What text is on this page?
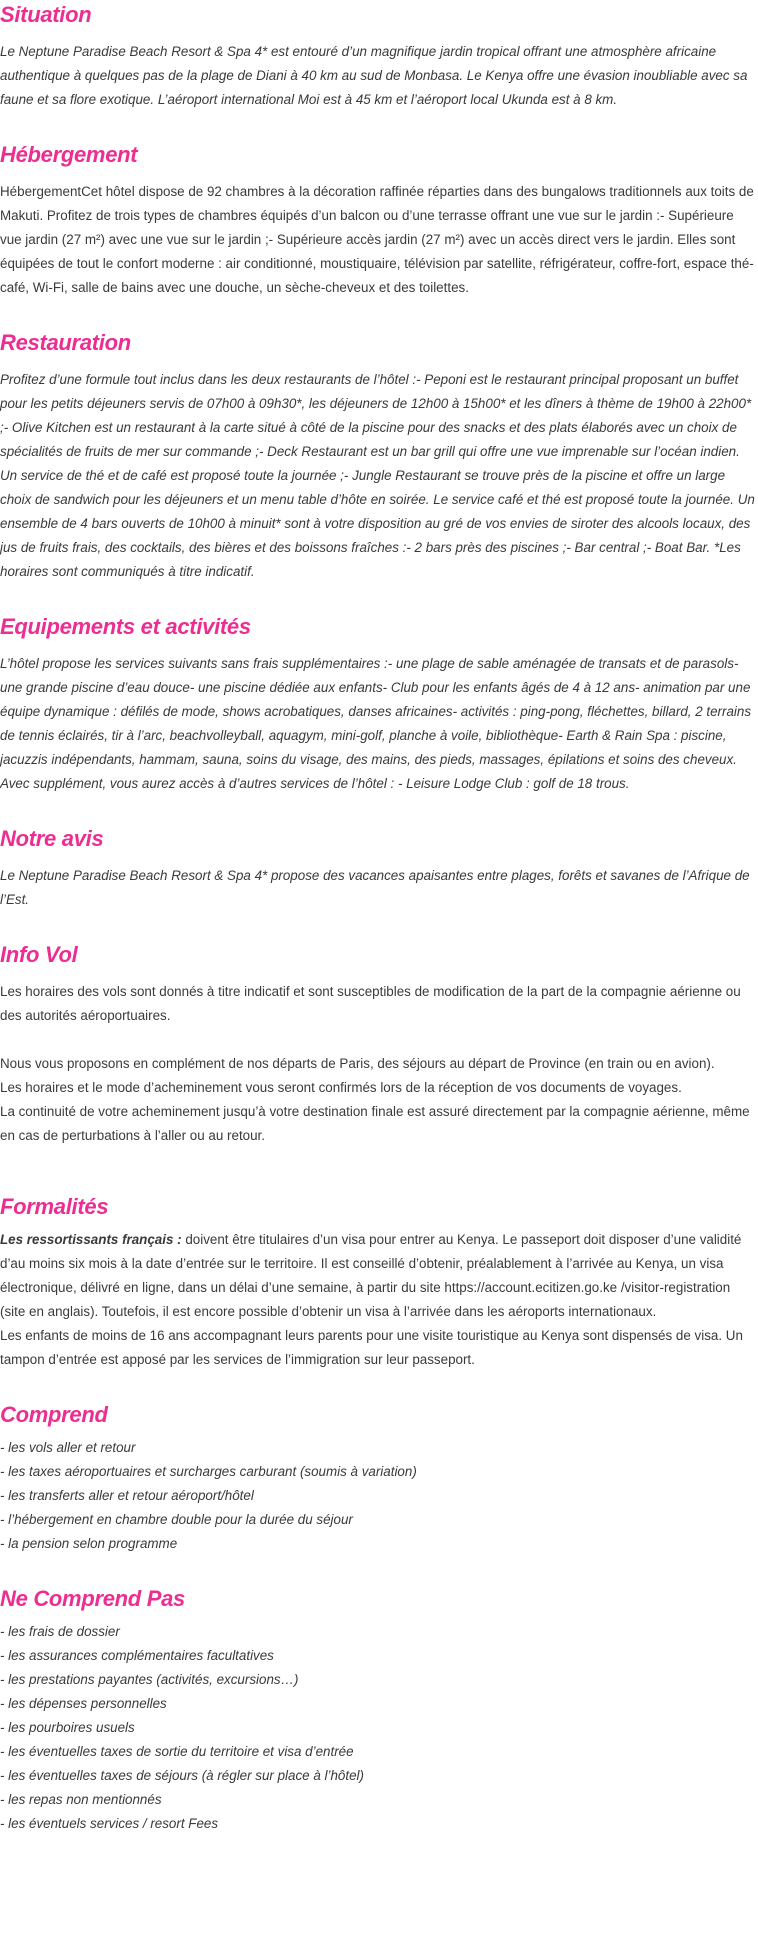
Situation

Le Neptune Paradise Beach Resort & Spa 4* est entouré d’un magnifique jardin tropical offrant une atmosphère africaine authentique à quelques pas de la plage de Diani à 40 km au sud de Monbasa. Le Kenya offre une évasion inoubliable avec sa faune et sa flore exotique. L’aéroport international Moi est à 45 km et l’aéroport local Ukunda est à 8 km.

Hébergement

HébergementCet hôtel dispose de 92 chambres à la décoration raffinée réparties dans des bungalows traditionnels aux toits de Makuti. Profitez de trois types de chambres équipés d’un balcon ou d’une terrasse offrant une vue sur le jardin :- Supérieure vue jardin (27 m²) avec une vue sur le jardin ;- Supérieure accès jardin (27 m²) avec un accès direct vers le jardin. Elles sont équipées de tout le confort moderne : air conditionné, moustiquaire, télévision par satellite, réfrigérateur, coffre-fort, espace thé-café, Wi-Fi, salle de bains avec une douche, un sèche-cheveux et des toilettes.

Restauration

Profitez d’une formule tout inclus dans les deux restaurants de l’hôtel :- Peponi est le restaurant principal proposant un buffet pour les petits déjeuners servis de 07h00 à 09h30*, les déjeuners de 12h00 à 15h00* et les dîners à thème de 19h00 à 22h00* ;- Olive Kitchen est un restaurant à la carte situé à côté de la piscine pour des snacks et des plats élaborés avec un choix de spécialités de fruits de mer sur commande ;- Deck Restaurant est un bar grill qui offre une vue imprenable sur l’océan indien. Un service de thé et de café est proposé toute la journée ;- Jungle Restaurant se trouve près de la piscine et offre un large choix de sandwich pour les déjeuners et un menu table d’hôte en soirée. Le service café et thé est proposé toute la journée. Un ensemble de 4 bars ouverts de 10h00 à minuit* sont à votre disposition au gré de vos envies de siroter des alcools locaux, des jus de fruits frais, des cocktails, des bières et des boissons fraîches :- 2 bars près des piscines ;- Bar central ;- Boat Bar. *Les horaires sont communiqués à titre indicatif.

Equipements et activités

L’hôtel propose les services suivants sans frais supplémentaires :- une plage de sable aménagée de transats et de parasols- une grande piscine d’eau douce- une piscine dédiée aux enfants- Club pour les enfants âgés de 4 à 12 ans- animation par une équipe dynamique : défilés de mode, shows acrobatiques, danses africaines- activités : ping-pong, fléchettes, billard, 2 terrains de tennis éclairés, tir à l’arc, beachvolleyball, aquagym, mini-golf, planche à voile, bibliothèque- Earth & Rain Spa : piscine, jacuzzis indépendants, hammam, sauna, soins du visage, des mains, des pieds, massages, épilations et soins des cheveux. Avec supplément, vous aurez accès à d’autres services de l’hôtel : - Leisure Lodge Club : golf de 18 trous.

Notre avis

Le Neptune Paradise Beach Resort & Spa 4* propose des vacances apaisantes entre plages, forêts et savanes de l’Afrique de l’Est.

Info Vol

Les horaires des vols sont donnés à titre indicatif et sont susceptibles de modification de la part de la compagnie aérienne ou des autorités aéroportuaires.

Nous vous proposons en complément de nos départs de Paris, des séjours au départ de Province (en train ou en avion).

Les horaires et le mode d’acheminement vous seront confirmés lors de la réception de vos documents de voyages.

La continuité de votre acheminement jusqu’à votre destination finale est assuré directement par la compagnie aérienne, même en cas de perturbations à l’aller ou au retour.

Formalités

Les ressortissants français : doivent être titulaires d’un visa pour entrer au Kenya. Le passeport doit disposer d’une validité d’au moins six mois à la date d’entrée sur le territoire. Il est conseillé d’obtenir, préalablement à l’arrivée au Kenya, un visa électronique, délivré en ligne, dans un délai d’une semaine, à partir du site https://account.ecitizen.go.ke /visitor-registration (site en anglais). Toutefois, il est encore possible d’obtenir un visa à l’arrivée dans les aéroports internationaux.

Les enfants de moins de 16 ans accompagnant leurs parents pour une visite touristique au Kenya sont dispensés de visa. Un tampon d’entrée est apposé par les services de l’immigration sur leur passeport.

Comprend
- les vols aller et retour
- les taxes aéroportuaires et surcharges carburant (soumis à variation)
- les transferts aller et retour aéroport/hôtel
- l’hébergement en chambre double pour la durée du séjour
- la pension selon programme
Ne Comprend Pas
- les frais de dossier
- les assurances complémentaires facultatives
- les prestations payantes (activités, excursions…)
- les dépenses personnelles
- les pourboires usuels
- les éventuelles taxes de sortie du territoire et visa d’entrée
- les éventuelles taxes de séjours (à régler sur place à l’hôtel)
- les repas non mentionnés
- les éventuels services / resort Fees
